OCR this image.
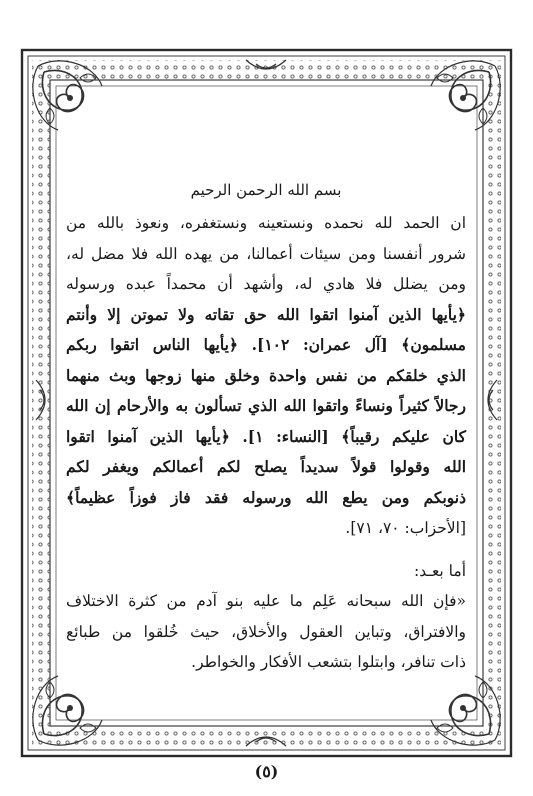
بسم الله الرحمن الرحيم
ان الحمد لله نحمده ونستعينه ونستغفره، ونعوذ بالله من
شرور أنفسنا ومن سيئات أعمالنا، من يهده الله فلا مضل له،
ومن يضلل فلا هادي له، وأشهد أن محمداً عبده ورسوله
﴿يأيها الذين آمنوا اتقوا الله حق تقاته ولا تموتن إلا وأنتم
مسلمون﴾ [آل عمران: ١٠٢]. ﴿يأيها الناس اتقوا ربكم
الذي خلقكم من نفس واحدة وخلق منها زوجها وبث منهما
رجالاً كثيراً ونساءً واتقوا الله الذي تسألون به والأرحام إن الله
كان عليكم رقيباً﴾ [النساء: ١]. ﴿يأيها الذين آمنوا اتقوا
الله وقولوا قولاً سديداً يصلح لكم أعمالكم ويغفر لكم
ذنوبكم ومن يطع الله ورسوله فقد فاز فوزاً عظيماً﴾
[الأحزاب: ٧٠، ٧١].
أما بعـد:
«فإن الله سبحانه عَلِم ما عليه بنو آدم من كثرة الاختلاف
والافتراق، وتباين العقول والأخلاق، حيث خُلقوا من طبائع
ذات تنافر، وابتلوا بتشعب الأفكار والخواطر.
(٥)
